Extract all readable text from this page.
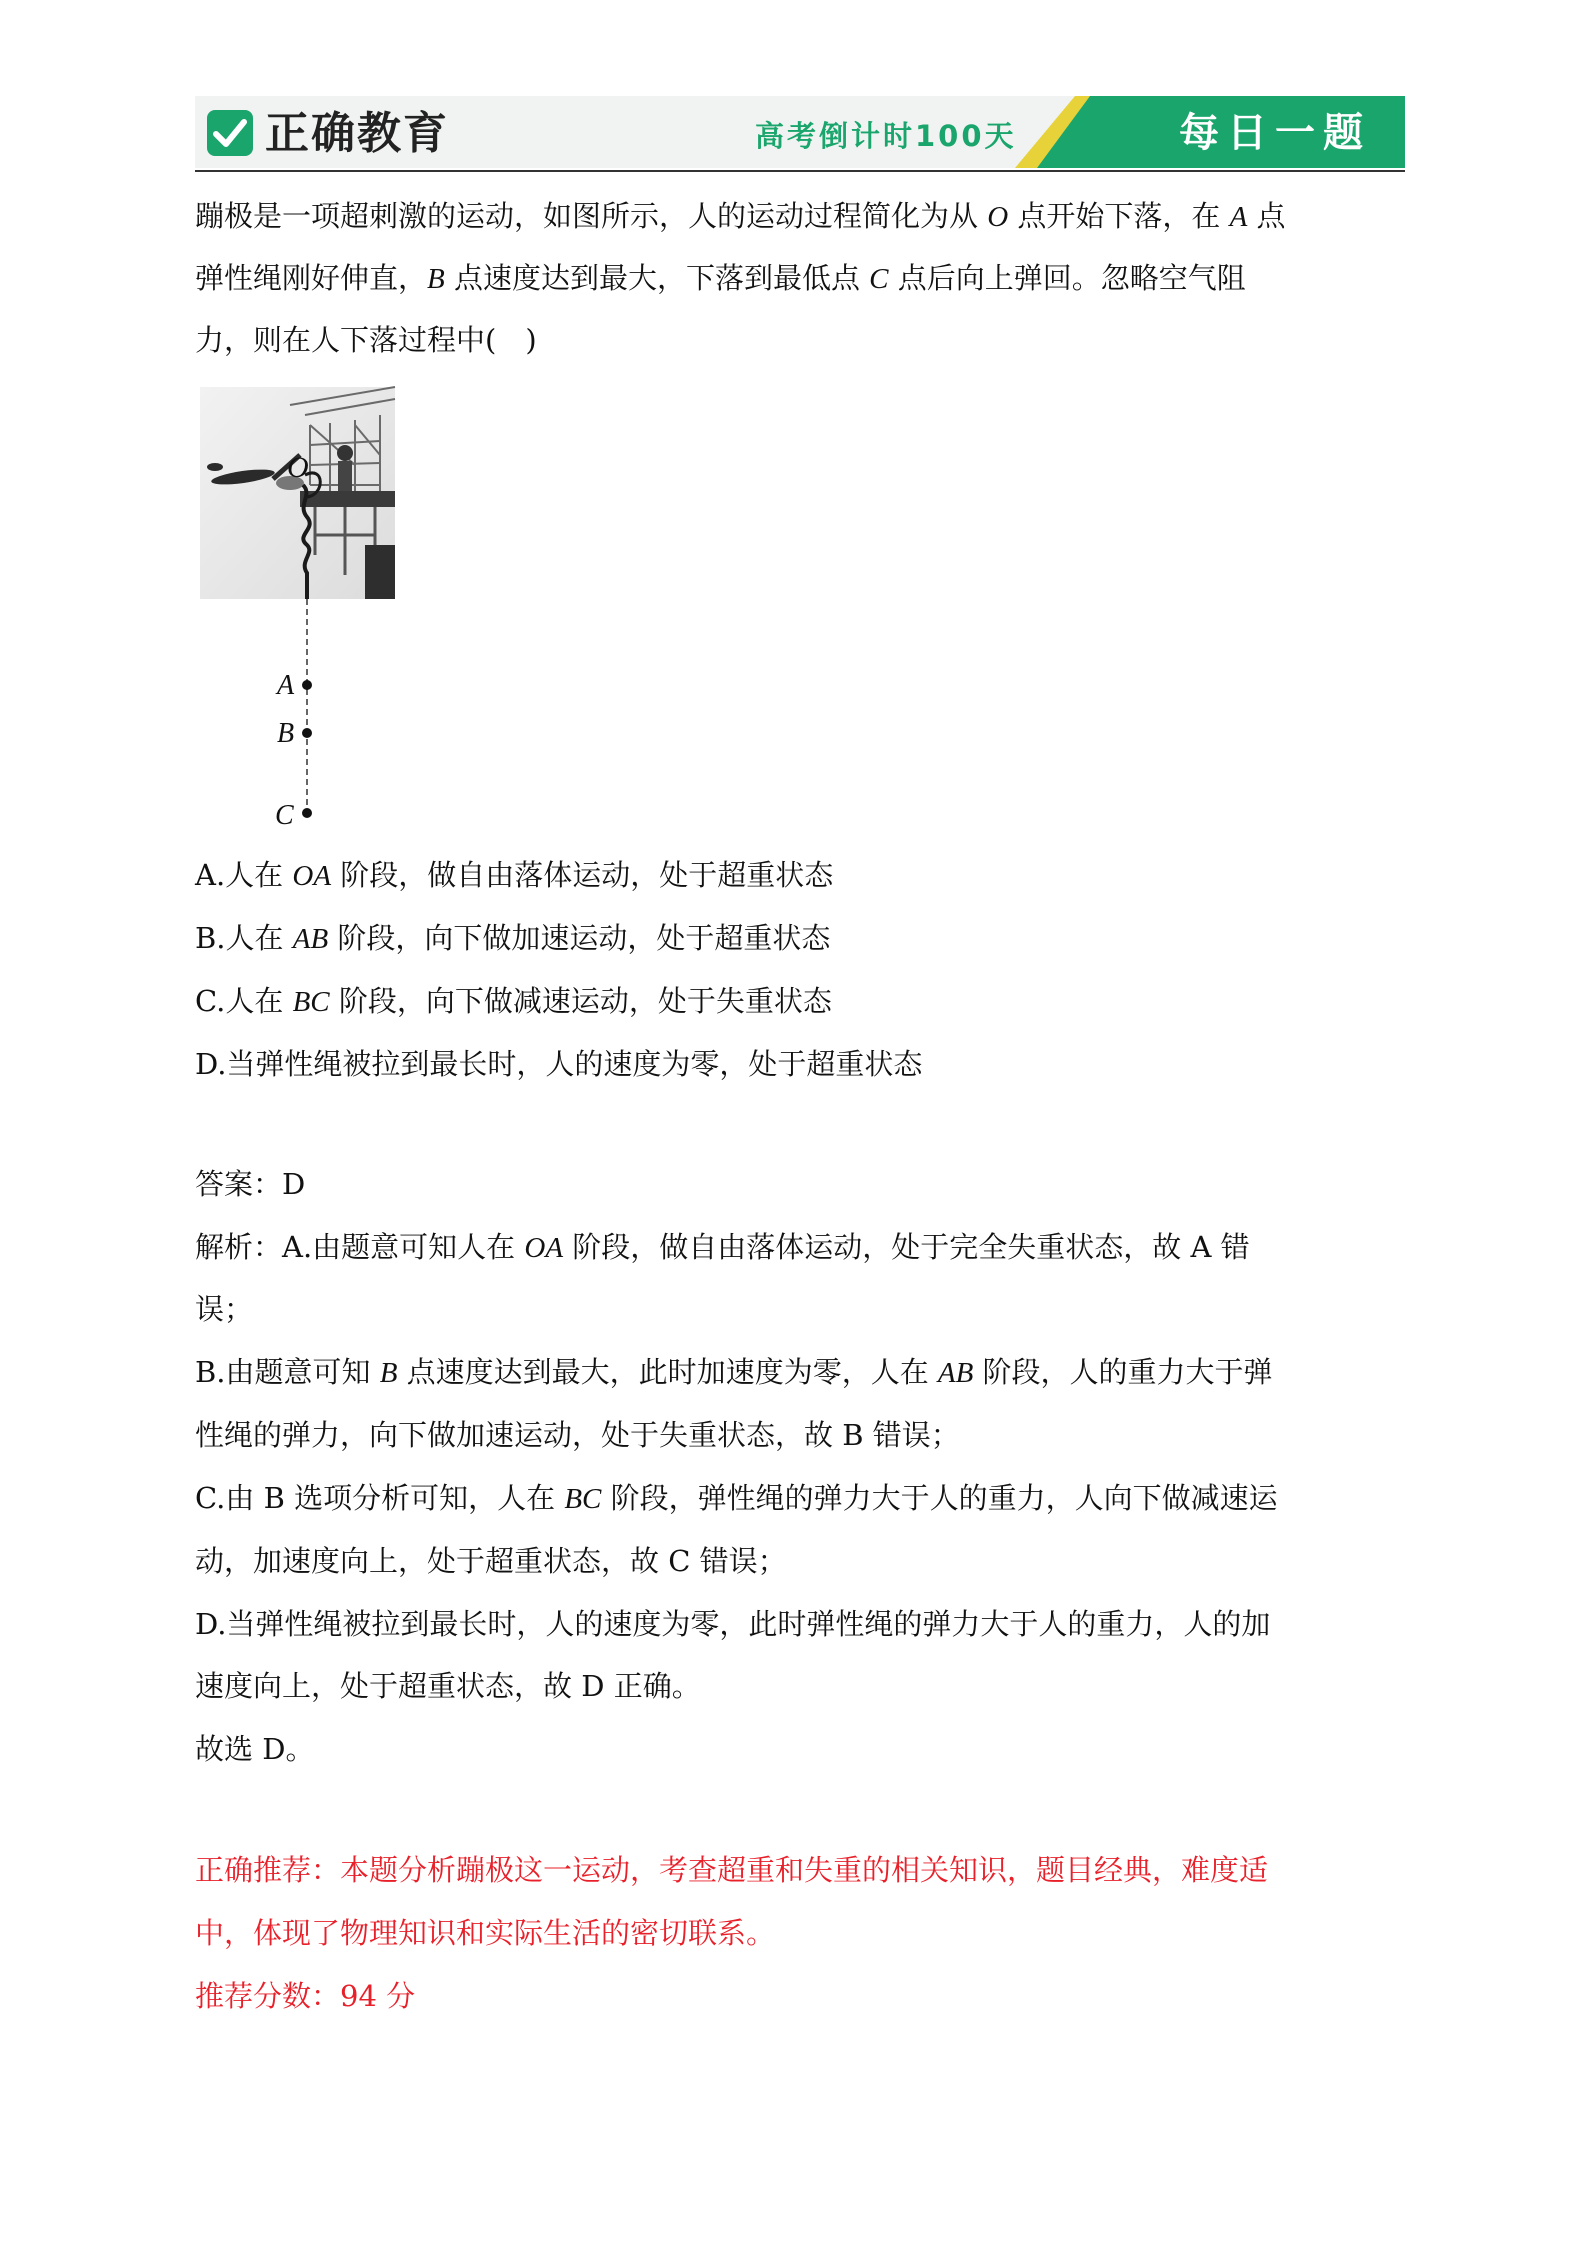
正确教育	高考倒计时100天	每日一题
蹦极是一项超刺激的运动，如图所示，人的运动过程简化为从 O 点开始下落，在 A 点
弹性绳刚好伸直，B 点速度达到最大，下落到最低点 C 点后向上弹回。忽略空气阻
力，则在人下落过程中(　)
O
A
B
C
A.人在 OA 阶段，做自由落体运动，处于超重状态
B.人在 AB 阶段，向下做加速运动，处于超重状态
C.人在 BC 阶段，向下做减速运动，处于失重状态
D.当弹性绳被拉到最长时，人的速度为零，处于超重状态
答案：D
解析：A.由题意可知人在 OA 阶段，做自由落体运动，处于完全失重状态，故 A 错
误；
B.由题意可知 B 点速度达到最大，此时加速度为零，人在 AB 阶段，人的重力大于弹
性绳的弹力，向下做加速运动，处于失重状态，故 B 错误；
C.由 B 选项分析可知，人在 BC 阶段，弹性绳的弹力大于人的重力，人向下做减速运
动，加速度向上，处于超重状态，故 C 错误；
D.当弹性绳被拉到最长时，人的速度为零，此时弹性绳的弹力大于人的重力，人的加
速度向上，处于超重状态，故 D 正确。
故选 D。
正确推荐：本题分析蹦极这一运动，考查超重和失重的相关知识，题目经典，难度适
中，体现了物理知识和实际生活的密切联系。
推荐分数：94 分
